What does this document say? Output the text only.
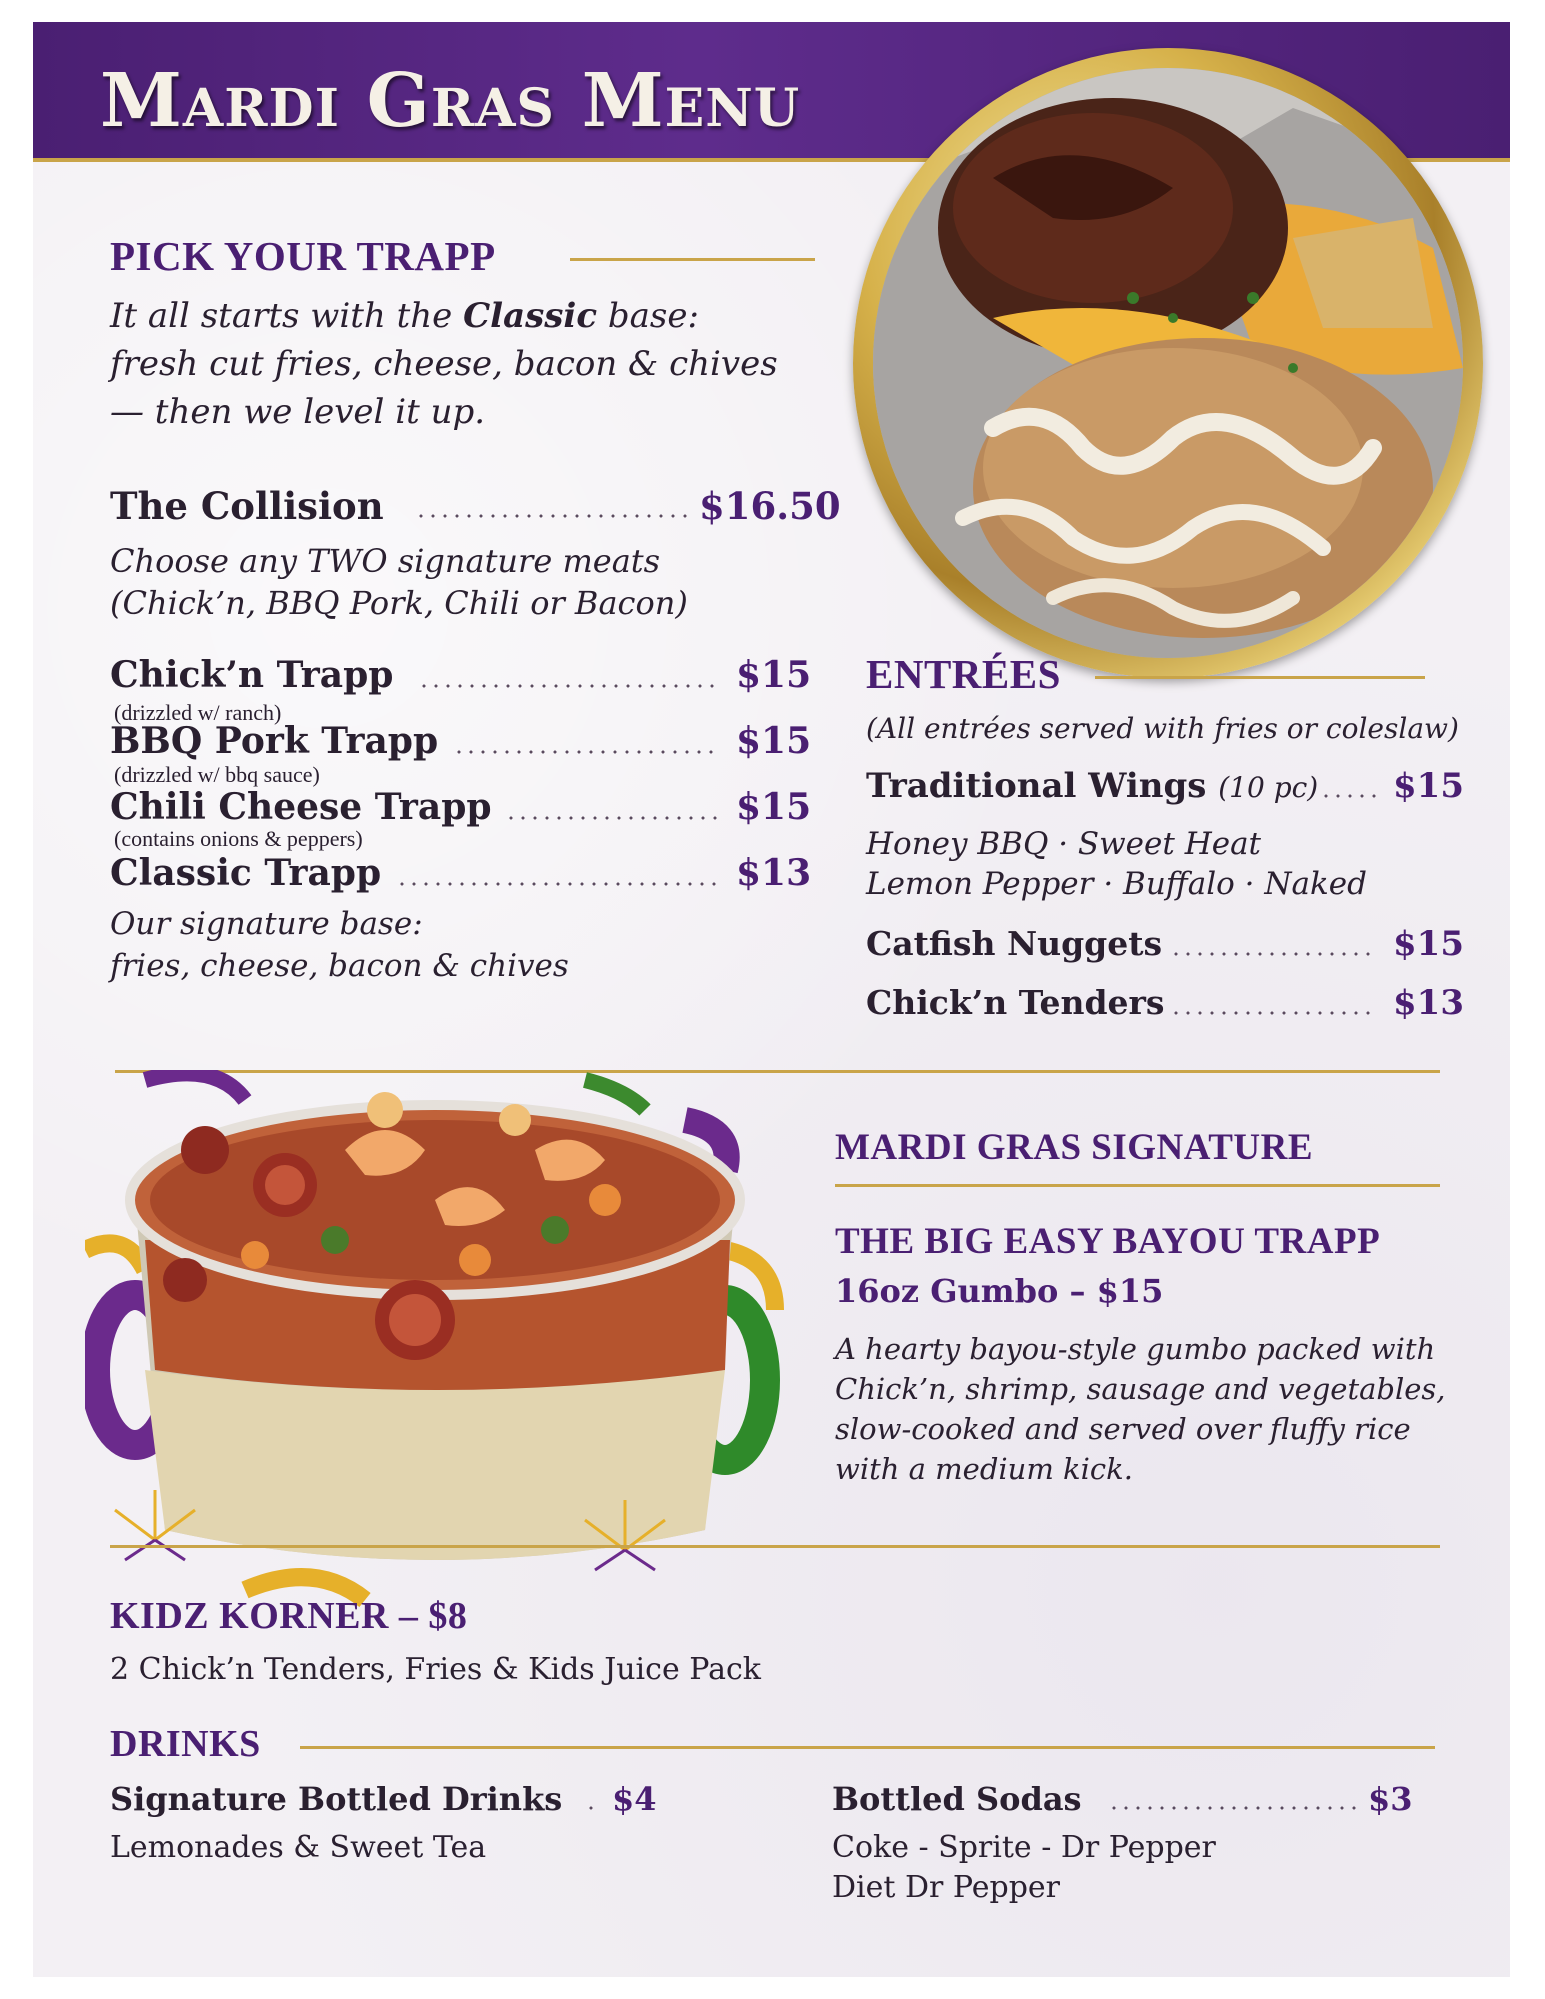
Mardi Gras Menu
PICK YOUR TRAPP
It all starts with the Classic base:
fresh cut fries, cheese, bacon & chives
— then we level it up.
The Collision	$16.50
Choose any TWO signature meats
(Chick’n, BBQ Pork, Chili or Bacon)
Chick’n Trapp	$15
(drizzled w/ ranch)
BBQ Pork Trapp	$15
(drizzled w/ bbq sauce)
Chili Cheese Trapp	$15
(contains onions & peppers)
Classic Trapp	$13
Our signature base:
fries, cheese, bacon & chives
ENTRÉES
(All entrées served with fries or coleslaw)
Traditional Wings (10 pc) $15
Honey BBQ · Sweet Heat
Lemon Pepper · Buffalo · Naked
Catfish Nuggets	$15
Chick’n Tenders	$13
MARDI GRAS SIGNATURE
THE BIG EASY BAYOU TRAPP
16oz Gumbo – $15
A hearty bayou-style gumbo packed with
Chick’n, shrimp, sausage and vegetables,
slow-cooked and served over fluffy rice
with a medium kick.
KIDZ KORNER – $8
2 Chick’n Tenders, Fries & Kids Juice Pack
DRINKS
Signature Bottled Drinks $4
Lemonades & Sweet Tea
Bottled Sodas	$3
Coke - Sprite - Dr Pepper
Diet Dr Pepper
